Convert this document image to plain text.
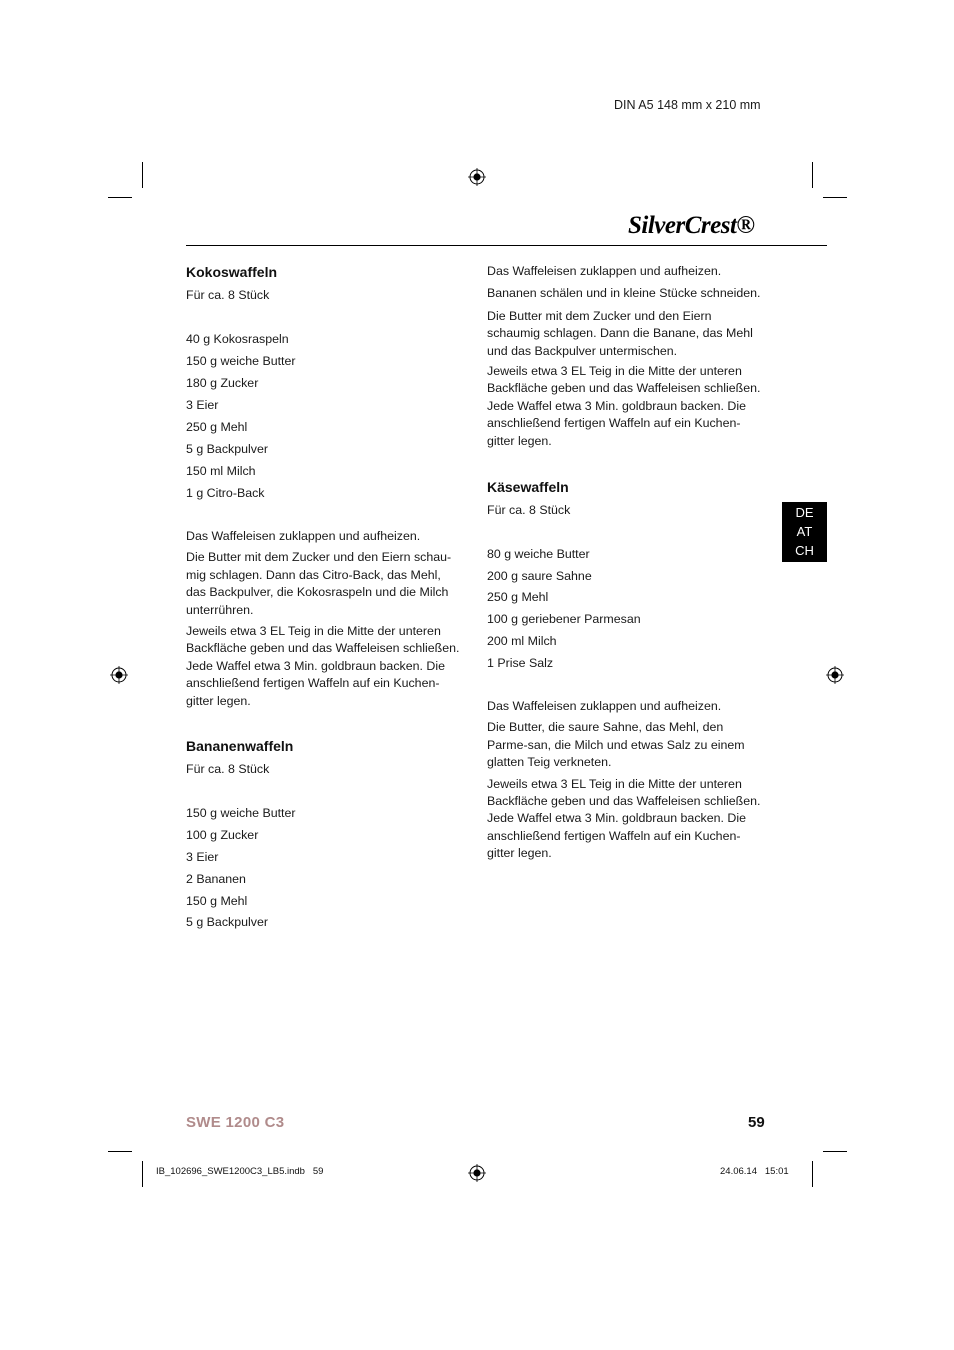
DIN A5 148 mm x 210 mm
SilverCrest®
DE
AT
CH
Kokoswaffeln
Für ca. 8 Stück
40 g Kokosraspeln
150 g weiche Butter
180 g Zucker
3 Eier
250 g Mehl
5 g Backpulver
150 ml Milch
1 g Citro-Back

Das Waffeleisen zuklappen und aufheizen.

Die Butter mit dem Zucker und den Eiern schau-mig schlagen. Dann das Citro-Back, das Mehl, das Backpulver, die Kokosraspeln und die Milch unterrühren.

Jeweils etwa 3 EL Teig in die Mitte der unteren Backfläche geben und das Waffeleisen schließen. Jede Waffel etwa 3 Min. goldbraun backen. Die anschließend fertigen Waffeln auf ein Kuchen-gitter legen.

Bananenwaffeln
Für ca. 8 Stück
150 g weiche Butter
100 g Zucker
3 Eier
2 Bananen
150 g Mehl
5 g Backpulver

Das Waffeleisen zuklappen und aufheizen.

Bananen schälen und in kleine Stücke schneiden.

Die Butter mit dem Zucker und den Eiern schaumig schlagen. Dann die Banane, das Mehl und das Backpulver untermischen.

Jeweils etwa 3 EL Teig in die Mitte der unteren Backfläche geben und das Waffeleisen schließen. Jede Waffel etwa 3 Min. goldbraun backen. Die anschließend fertigen Waffeln auf ein Kuchen-gitter legen.

Käsewaffeln
Für ca. 8 Stück
80 g weiche Butter
200 g saure Sahne
250 g Mehl
100 g geriebener Parmesan
200 ml Milch
1 Prise Salz

Das Waffeleisen zuklappen und aufheizen.

Die Butter, die saure Sahne, das Mehl, den Parme-san, die Milch und etwas Salz zu einem glatten Teig verkneten.

Jeweils etwa 3 EL Teig in die Mitte der unteren Backfläche geben und das Waffeleisen schließen. Jede Waffel etwa 3 Min. goldbraun backen. Die anschließend fertigen Waffeln auf ein Kuchen-gitter legen.

SWE 1200 C3	59
IB_102696_SWE1200C3_LB5.indb   59	24.06.14   15:01
